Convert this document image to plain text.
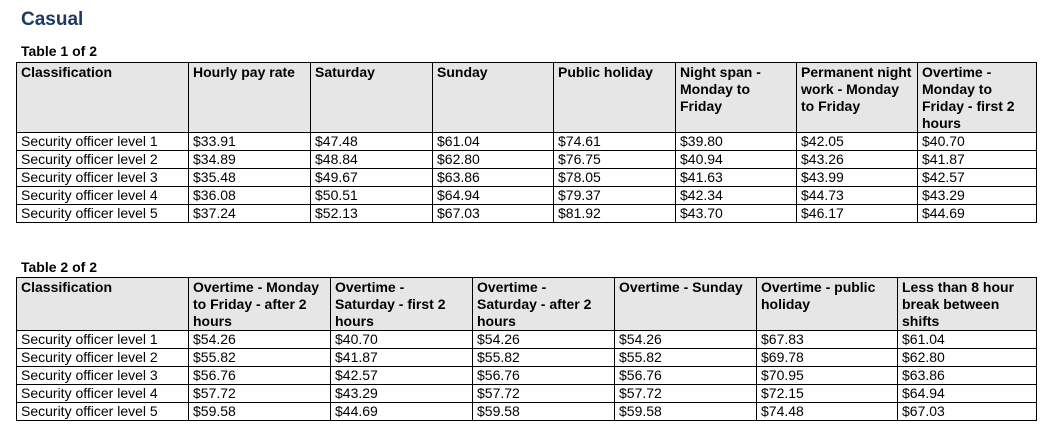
Casual
Table 1 of 2
Classification	Hourly pay rate	Saturday	Sunday	Public holiday	Night span - Monday to Friday	Permanent night work - Monday to Friday	Overtime - Monday to Friday - first 2 hours
Security officer level 1	$33.91	$47.48	$61.04	$74.61	$39.80	$42.05	$40.70
Security officer level 2	$34.89	$48.84	$62.80	$76.75	$40.94	$43.26	$41.87
Security officer level 3	$35.48	$49.67	$63.86	$78.05	$41.63	$43.99	$42.57
Security officer level 4	$36.08	$50.51	$64.94	$79.37	$42.34	$44.73	$43.29
Security officer level 5	$37.24	$52.13	$67.03	$81.92	$43.70	$46.17	$44.69
Table 2 of 2
Classification	Overtime - Monday to Friday - after 2 hours	Overtime - Saturday - first 2 hours	Overtime - Saturday - after 2 hours	Overtime - Sunday	Overtime - public holiday	Less than 8 hour break between shifts
Security officer level 1	$54.26	$40.70	$54.26	$54.26	$67.83	$61.04
Security officer level 2	$55.82	$41.87	$55.82	$55.82	$69.78	$62.80
Security officer level 3	$56.76	$42.57	$56.76	$56.76	$70.95	$63.86
Security officer level 4	$57.72	$43.29	$57.72	$57.72	$72.15	$64.94
Security officer level 5	$59.58	$44.69	$59.58	$59.58	$74.48	$67.03
